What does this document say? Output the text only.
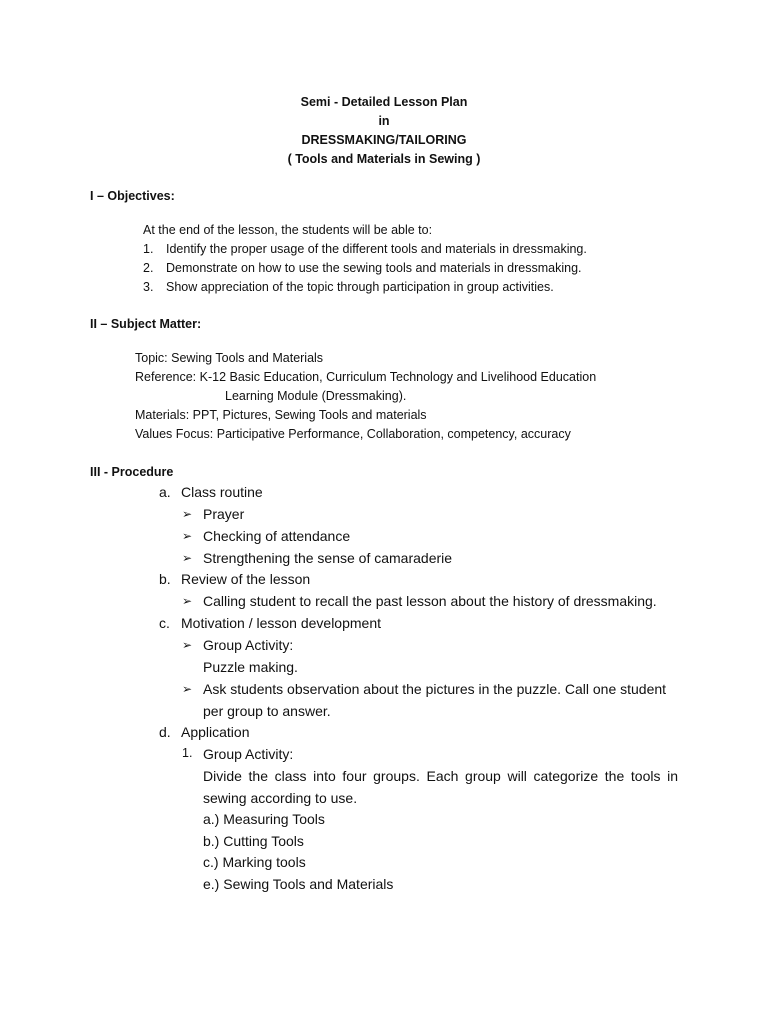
Semi - Detailed Lesson Plan
in
DRESSMAKING/TAILORING
( Tools and Materials in Sewing )
I – Objectives:
At the end of the lesson, the students will be able to:
1. Identify the proper usage of the different tools and materials in dressmaking.
2. Demonstrate on how to use the sewing tools and materials in dressmaking.
3. Show appreciation of the topic through participation in group activities.
II – Subject Matter:
Topic: Sewing Tools and Materials
Reference: K-12 Basic Education, Curriculum Technology and Livelihood Education
Learning Module (Dressmaking).
Materials: PPT, Pictures, Sewing Tools and materials
Values Focus: Participative Performance, Collaboration, competency, accuracy
III - Procedure
a. Class routine
➢ Prayer
➢ Checking of attendance
➢ Strengthening the sense of camaraderie
b. Review of the lesson
➢ Calling student to recall the past lesson about the history of dressmaking.
c. Motivation / lesson development
➢ Group Activity:
Puzzle making.
➢ Ask students observation about the pictures in the puzzle. Call one student
per group to answer.
d. Application
1. Group Activity:
Divide the class into four groups. Each group will categorize the tools in
sewing according to use.
a.) Measuring Tools
b.) Cutting Tools
c.) Marking tools
e.) Sewing Tools and Materials
